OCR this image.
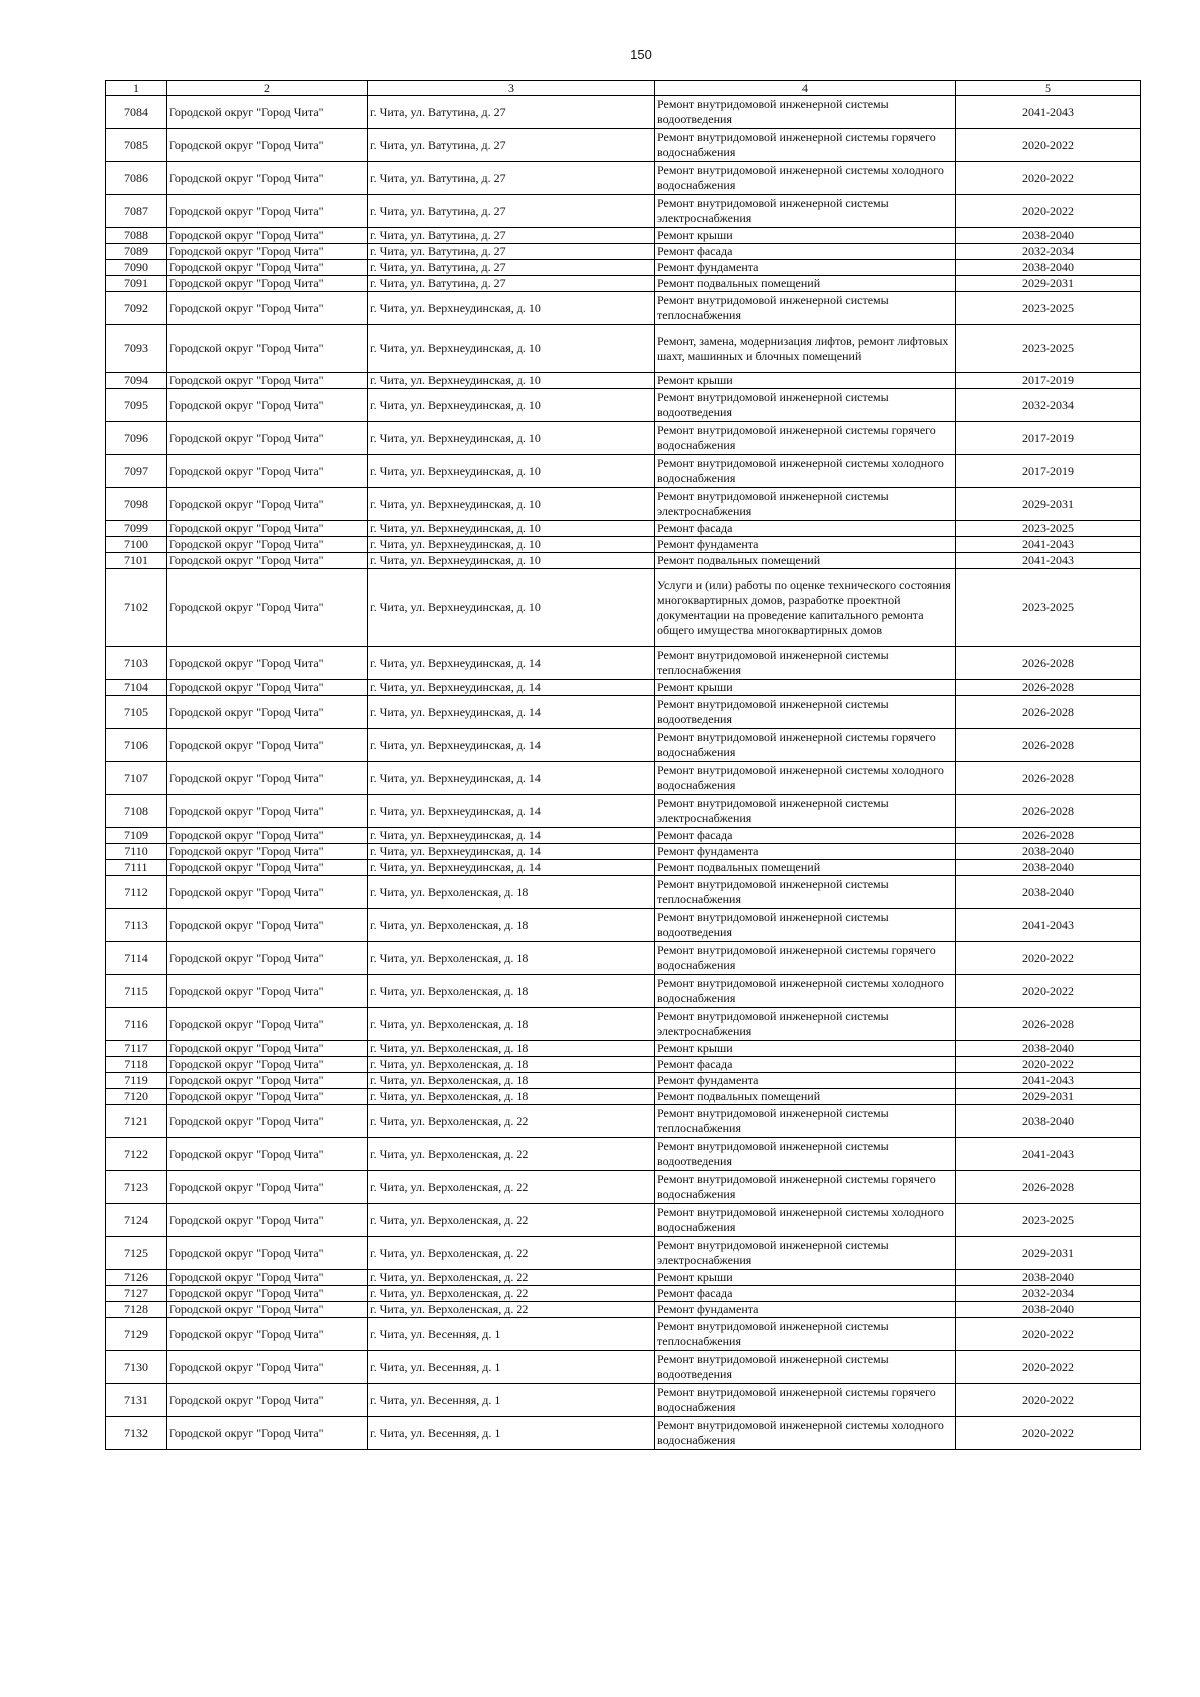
150
1	2	3	4	5
7084	Городской округ "Город Чита"	г. Чита, ул. Ватутина, д. 27	Ремонт внутридомовой инженерной системы водоотведения	2041-2043
7085	Городской округ "Город Чита"	г. Чита, ул. Ватутина, д. 27	Ремонт внутридомовой инженерной системы горячего водоснабжения	2020-2022
7086	Городской округ "Город Чита"	г. Чита, ул. Ватутина, д. 27	Ремонт внутридомовой инженерной системы холодного водоснабжения	2020-2022
7087	Городской округ "Город Чита"	г. Чита, ул. Ватутина, д. 27	Ремонт внутридомовой инженерной системы электроснабжения	2020-2022
7088	Городской округ "Город Чита"	г. Чита, ул. Ватутина, д. 27	Ремонт крыши	2038-2040
7089	Городской округ "Город Чита"	г. Чита, ул. Ватутина, д. 27	Ремонт фасада	2032-2034
7090	Городской округ "Город Чита"	г. Чита, ул. Ватутина, д. 27	Ремонт фундамента	2038-2040
7091	Городской округ "Город Чита"	г. Чита, ул. Ватутина, д. 27	Ремонт подвальных помещений	2029-2031
7092	Городской округ "Город Чита"	г. Чита, ул. Верхнеудинская, д. 10	Ремонт внутридомовой инженерной системы теплоснабжения	2023-2025
7093	Городской округ "Город Чита"	г. Чита, ул. Верхнеудинская, д. 10	Ремонт, замена, модернизация лифтов, ремонт лифтовых шахт, машинных и блочных помещений	2023-2025
7094	Городской округ "Город Чита"	г. Чита, ул. Верхнеудинская, д. 10	Ремонт крыши	2017-2019
7095	Городской округ "Город Чита"	г. Чита, ул. Верхнеудинская, д. 10	Ремонт внутридомовой инженерной системы водоотведения	2032-2034
7096	Городской округ "Город Чита"	г. Чита, ул. Верхнеудинская, д. 10	Ремонт внутридомовой инженерной системы горячего водоснабжения	2017-2019
7097	Городской округ "Город Чита"	г. Чита, ул. Верхнеудинская, д. 10	Ремонт внутридомовой инженерной системы холодного водоснабжения	2017-2019
7098	Городской округ "Город Чита"	г. Чита, ул. Верхнеудинская, д. 10	Ремонт внутридомовой инженерной системы электроснабжения	2029-2031
7099	Городской округ "Город Чита"	г. Чита, ул. Верхнеудинская, д. 10	Ремонт фасада	2023-2025
7100	Городской округ "Город Чита"	г. Чита, ул. Верхнеудинская, д. 10	Ремонт фундамента	2041-2043
7101	Городской округ "Город Чита"	г. Чита, ул. Верхнеудинская, д. 10	Ремонт подвальных помещений	2041-2043
7102	Городской округ "Город Чита"	г. Чита, ул. Верхнеудинская, д. 10	Услуги и (или) работы по оценке технического состояния многоквартирных домов, разработке проектной документации на проведение капитального ремонта общего имущества многоквартирных домов	2023-2025
7103	Городской округ "Город Чита"	г. Чита, ул. Верхнеудинская, д. 14	Ремонт внутридомовой инженерной системы теплоснабжения	2026-2028
7104	Городской округ "Город Чита"	г. Чита, ул. Верхнеудинская, д. 14	Ремонт крыши	2026-2028
7105	Городской округ "Город Чита"	г. Чита, ул. Верхнеудинская, д. 14	Ремонт внутридомовой инженерной системы водоотведения	2026-2028
7106	Городской округ "Город Чита"	г. Чита, ул. Верхнеудинская, д. 14	Ремонт внутридомовой инженерной системы горячего водоснабжения	2026-2028
7107	Городской округ "Город Чита"	г. Чита, ул. Верхнеудинская, д. 14	Ремонт внутридомовой инженерной системы холодного водоснабжения	2026-2028
7108	Городской округ "Город Чита"	г. Чита, ул. Верхнеудинская, д. 14	Ремонт внутридомовой инженерной системы электроснабжения	2026-2028
7109	Городской округ "Город Чита"	г. Чита, ул. Верхнеудинская, д. 14	Ремонт фасада	2026-2028
7110	Городской округ "Город Чита"	г. Чита, ул. Верхнеудинская, д. 14	Ремонт фундамента	2038-2040
7111	Городской округ "Город Чита"	г. Чита, ул. Верхнеудинская, д. 14	Ремонт подвальных помещений	2038-2040
7112	Городской округ "Город Чита"	г. Чита, ул. Верхоленская, д. 18	Ремонт внутридомовой инженерной системы теплоснабжения	2038-2040
7113	Городской округ "Город Чита"	г. Чита, ул. Верхоленская, д. 18	Ремонт внутридомовой инженерной системы водоотведения	2041-2043
7114	Городской округ "Город Чита"	г. Чита, ул. Верхоленская, д. 18	Ремонт внутридомовой инженерной системы горячего водоснабжения	2020-2022
7115	Городской округ "Город Чита"	г. Чита, ул. Верхоленская, д. 18	Ремонт внутридомовой инженерной системы холодного водоснабжения	2020-2022
7116	Городской округ "Город Чита"	г. Чита, ул. Верхоленская, д. 18	Ремонт внутридомовой инженерной системы электроснабжения	2026-2028
7117	Городской округ "Город Чита"	г. Чита, ул. Верхоленская, д. 18	Ремонт крыши	2038-2040
7118	Городской округ "Город Чита"	г. Чита, ул. Верхоленская, д. 18	Ремонт фасада	2020-2022
7119	Городской округ "Город Чита"	г. Чита, ул. Верхоленская, д. 18	Ремонт фундамента	2041-2043
7120	Городской округ "Город Чита"	г. Чита, ул. Верхоленская, д. 18	Ремонт подвальных помещений	2029-2031
7121	Городской округ "Город Чита"	г. Чита, ул. Верхоленская, д. 22	Ремонт внутридомовой инженерной системы теплоснабжения	2038-2040
7122	Городской округ "Город Чита"	г. Чита, ул. Верхоленская, д. 22	Ремонт внутридомовой инженерной системы водоотведения	2041-2043
7123	Городской округ "Город Чита"	г. Чита, ул. Верхоленская, д. 22	Ремонт внутридомовой инженерной системы горячего водоснабжения	2026-2028
7124	Городской округ "Город Чита"	г. Чита, ул. Верхоленская, д. 22	Ремонт внутридомовой инженерной системы холодного водоснабжения	2023-2025
7125	Городской округ "Город Чита"	г. Чита, ул. Верхоленская, д. 22	Ремонт внутридомовой инженерной системы электроснабжения	2029-2031
7126	Городской округ "Город Чита"	г. Чита, ул. Верхоленская, д. 22	Ремонт крыши	2038-2040
7127	Городской округ "Город Чита"	г. Чита, ул. Верхоленская, д. 22	Ремонт фасада	2032-2034
7128	Городской округ "Город Чита"	г. Чита, ул. Верхоленская, д. 22	Ремонт фундамента	2038-2040
7129	Городской округ "Город Чита"	г. Чита, ул. Весенняя, д. 1	Ремонт внутридомовой инженерной системы теплоснабжения	2020-2022
7130	Городской округ "Город Чита"	г. Чита, ул. Весенняя, д. 1	Ремонт внутридомовой инженерной системы водоотведения	2020-2022
7131	Городской округ "Город Чита"	г. Чита, ул. Весенняя, д. 1	Ремонт внутридомовой инженерной системы горячего водоснабжения	2020-2022
7132	Городской округ "Город Чита"	г. Чита, ул. Весенняя, д. 1	Ремонт внутридомовой инженерной системы холодного водоснабжения	2020-2022
